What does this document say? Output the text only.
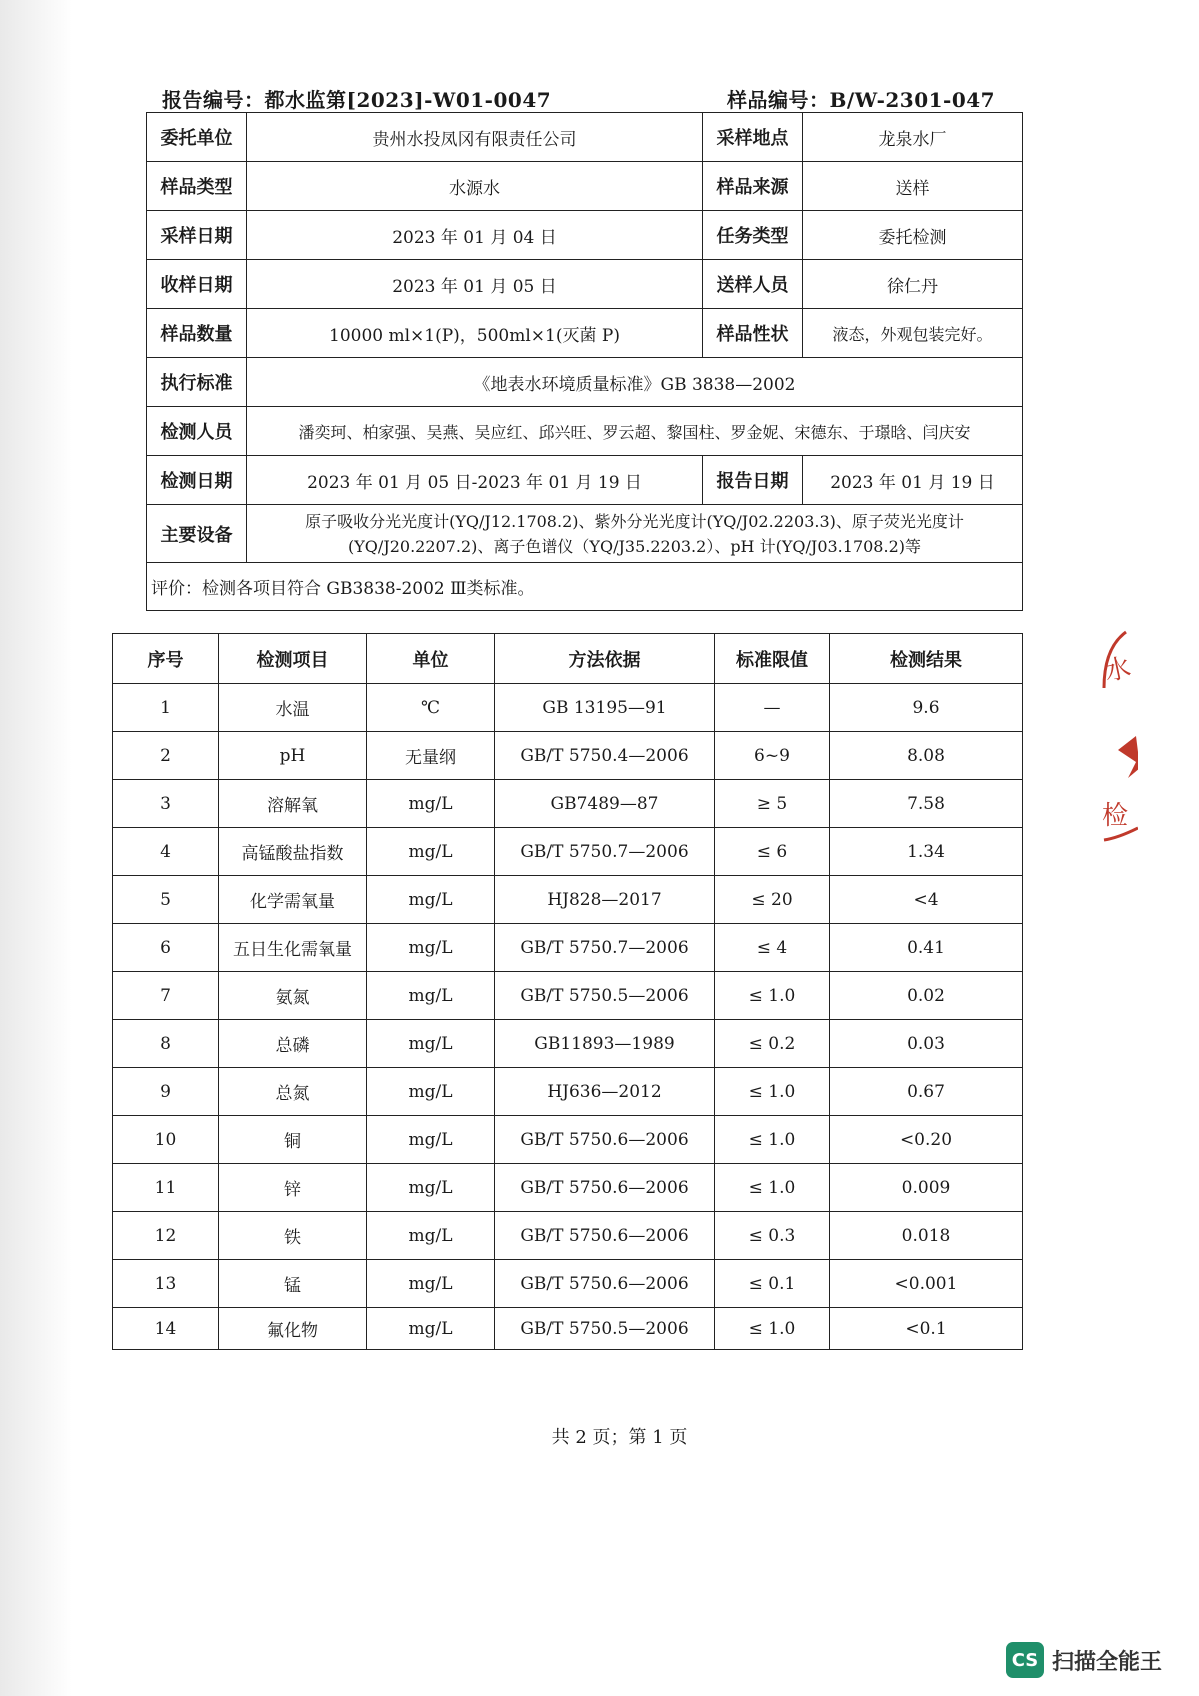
报告编号：都水监第[2023]-W01-0047	样品编号：B/W-2301-047
委托单位	贵州水投凤冈有限责任公司	采样地点	龙泉水厂
样品类型	水源水	样品来源	送样
采样日期	2023 年 01 月 04 日	任务类型	委托检测
收样日期	2023 年 01 月 05 日	送样人员	徐仁丹
样品数量	10000 ml×1(P)，500ml×1(灭菌 P)	样品性状	液态，外观包装完好。
执行标准	《地表水环境质量标准》GB 3838—2002		
检测人员	潘奕珂、柏家强、吴燕、吴应红、邱兴旺、罗云超、黎国柱、罗金妮、宋德东、于璟晗、闫庆安		
检测日期	2023 年 01 月 05 日-2023 年 01 月 19 日	报告日期	2023 年 01 月 19 日
主要设备	原子吸收分光光度计(YQ/J12.1708.2)、紫外分光光度计(YQ/J02.2203.3)、原子荧光光度计
(YQ/J20.2207.2)、离子色谱仪（YQ/J35.2203.2）、pH 计(YQ/J03.1708.2)等		

评价：检测各项目符合 GB3838-2002 Ⅲ类标准。			
序号	检测项目	单位	方法依据	标准限值	检测结果
1	水温	℃	GB 13195—91	—	9.6
2	pH	无量纲	GB/T 5750.4—2006	6~9	8.08
3	溶解氧	mg/L	GB7489—87	≥ 5	7.58
4	高锰酸盐指数	mg/L	GB/T 5750.7—2006	≤ 6	1.34
5	化学需氧量	mg/L	HJ828—2017	≤ 20	<4
6	五日生化需氧量	mg/L	GB/T 5750.7—2006	≤ 4	0.41
7	氨氮	mg/L	GB/T 5750.5—2006	≤ 1.0	0.02
8	总磷	mg/L	GB11893—1989	≤ 0.2	0.03
9	总氮	mg/L	HJ636—2012	≤ 1.0	0.67
10	铜	mg/L	GB/T 5750.6—2006	≤ 1.0	<0.20
11	锌	mg/L	GB/T 5750.6—2006	≤ 1.0	0.009
12	铁	mg/L	GB/T 5750.6—2006	≤ 0.3	0.018
13	锰	mg/L	GB/T 5750.6—2006	≤ 0.1	<0.001
14	氟化物	mg/L	GB/T 5750.5—2006	≤ 1.0	<0.1
共 2 页；第 1 页
水
检
CS 扫描全能王
